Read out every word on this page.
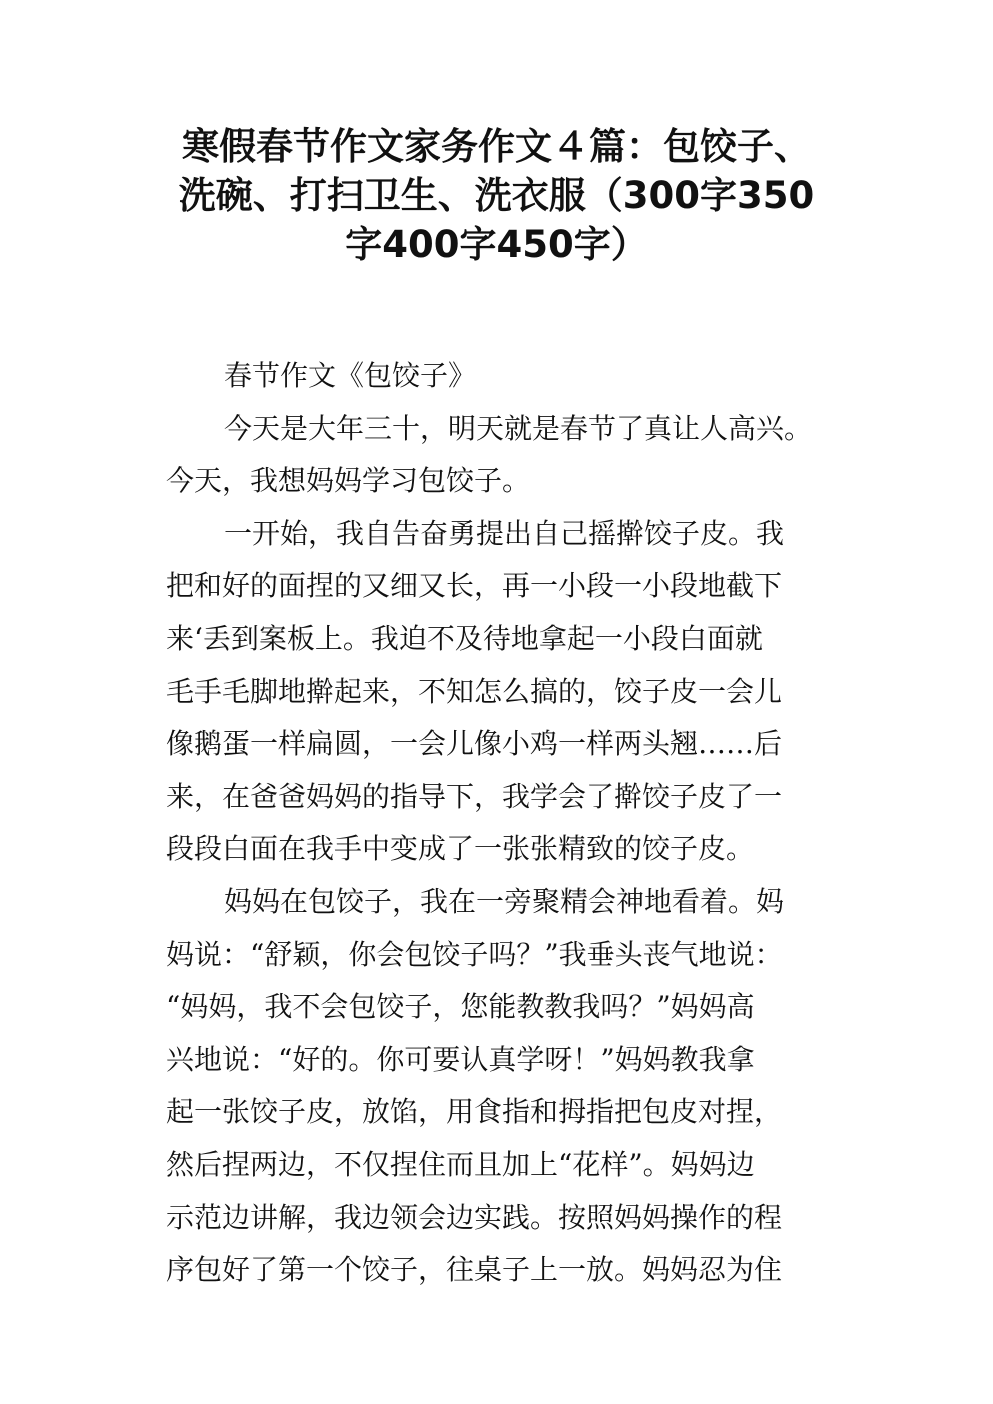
寒假春节作文家务作文４篇：包饺子、
洗碗、打扫卫生、洗衣服（300字350
字400字450字）
春节作文《包饺子》
今天是大年三十，明天就是春节了真让人高兴。
今天，我想妈妈学习包饺子。
一开始，我自告奋勇提出自己摇擀饺子皮。我
把和好的面捏的又细又长，再一小段一小段地截下
来‘丢到案板上。我迫不及待地拿起一小段白面就
毛手毛脚地擀起来，不知怎么搞的，饺子皮一会儿
像鹅蛋一样扁圆，一会儿像小鸡一样两头翘……后
来，在爸爸妈妈的指导下，我学会了擀饺子皮了一
段段白面在我手中变成了一张张精致的饺子皮。
妈妈在包饺子，我在一旁聚精会神地看着。妈
妈说：“舒颖，你会包饺子吗？”我垂头丧气地说：
“妈妈，我不会包饺子，您能教教我吗？”妈妈高
兴地说：“好的。你可要认真学呀！”妈妈教我拿
起一张饺子皮，放馅，用食指和拇指把包皮对捏，
然后捏两边，不仅捏住而且加上“花样”。妈妈边
示范边讲解，我边领会边实践。按照妈妈操作的程
序包好了第一个饺子，往桌子上一放。妈妈忍为住
